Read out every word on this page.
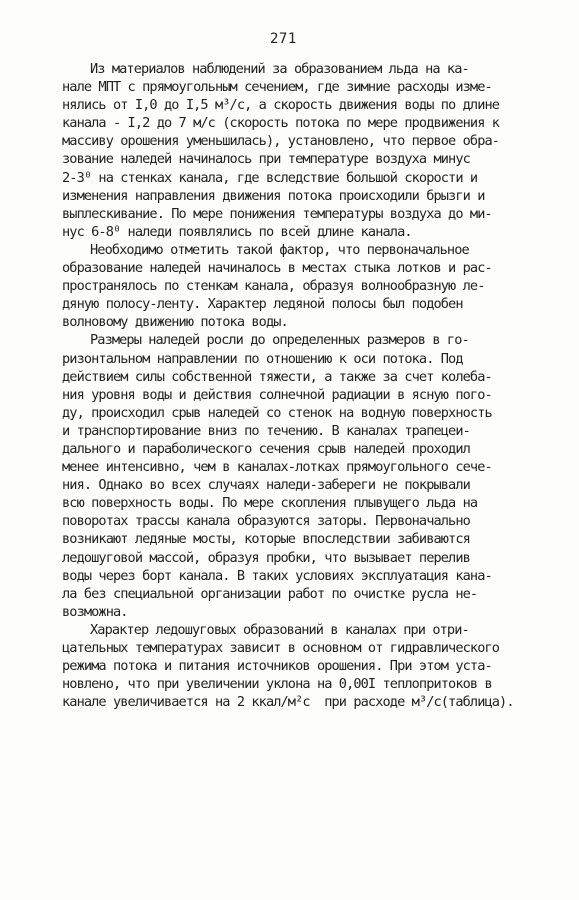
271
Из материалов наблюдений за образованием льда на ка-
нале МПТ с прямоугольным сечением, где зимние расходы изме-
нялись от I,0 до I,5 м³/с, а скорость движения воды по длине
канала - I,2 до 7 м/с (скорость потока по мере продвижения к
массиву орошения уменьшилась), установлено, что первое обра-
зование наледей начиналось при температуре воздуха минус
2-3⁰ на стенках канала, где вследствие большой скорости и
изменения направления движения потока происходили брызги и
выплескивание. По мере понижения температуры воздуха до ми-
нус 6-8⁰ наледи появлялись по всей длине канала.
Необходимо отметить такой фактор, что первоначальное
образование наледей начиналось в местах стыка лотков и рас-
пространялось по стенкам канала, образуя волнообразную ле-
дяную полосу-ленту. Характер ледяной полосы был подобен
волновому движению потока воды.
Размеры наледей росли до определенных размеров в го-
ризонтальном направлении по отношению к оси потока. Под
действием силы собственной тяжести, а также за счет колеба-
ния уровня воды и действия солнечной радиации в ясную пого-
ду, происходил срыв наледей со стенок на водную поверхность
и транспортирование вниз по течению. В каналах трапецеи-
дального и параболического сечения срыв наледей проходил
менее интенсивно, чем в каналах-лотках прямоугольного сече-
ния. Однако во всех случаях наледи-забереги не покрывали
всю поверхность воды. По мере скопления плывущего льда на
поворотах трассы канала образуются заторы. Первоначально
возникают ледяные мосты, которые впоследствии забиваются
ледошуговой массой, образуя пробки, что вызывает перелив
воды через борт канала. В таких условиях эксплуатация кана-
ла без специальной организации работ по очистке русла не-
возможна.
Характер ледошуговых образований в каналах при отри-
цательных температурах зависит в основном от гидравлического
режима потока и питания источников орошения. При этом уста-
новлено, что при увеличении уклона на 0,00I теплопритоков в
канале увеличивается на 2 ккал/м²с  при расходе м³/с(таблица).
